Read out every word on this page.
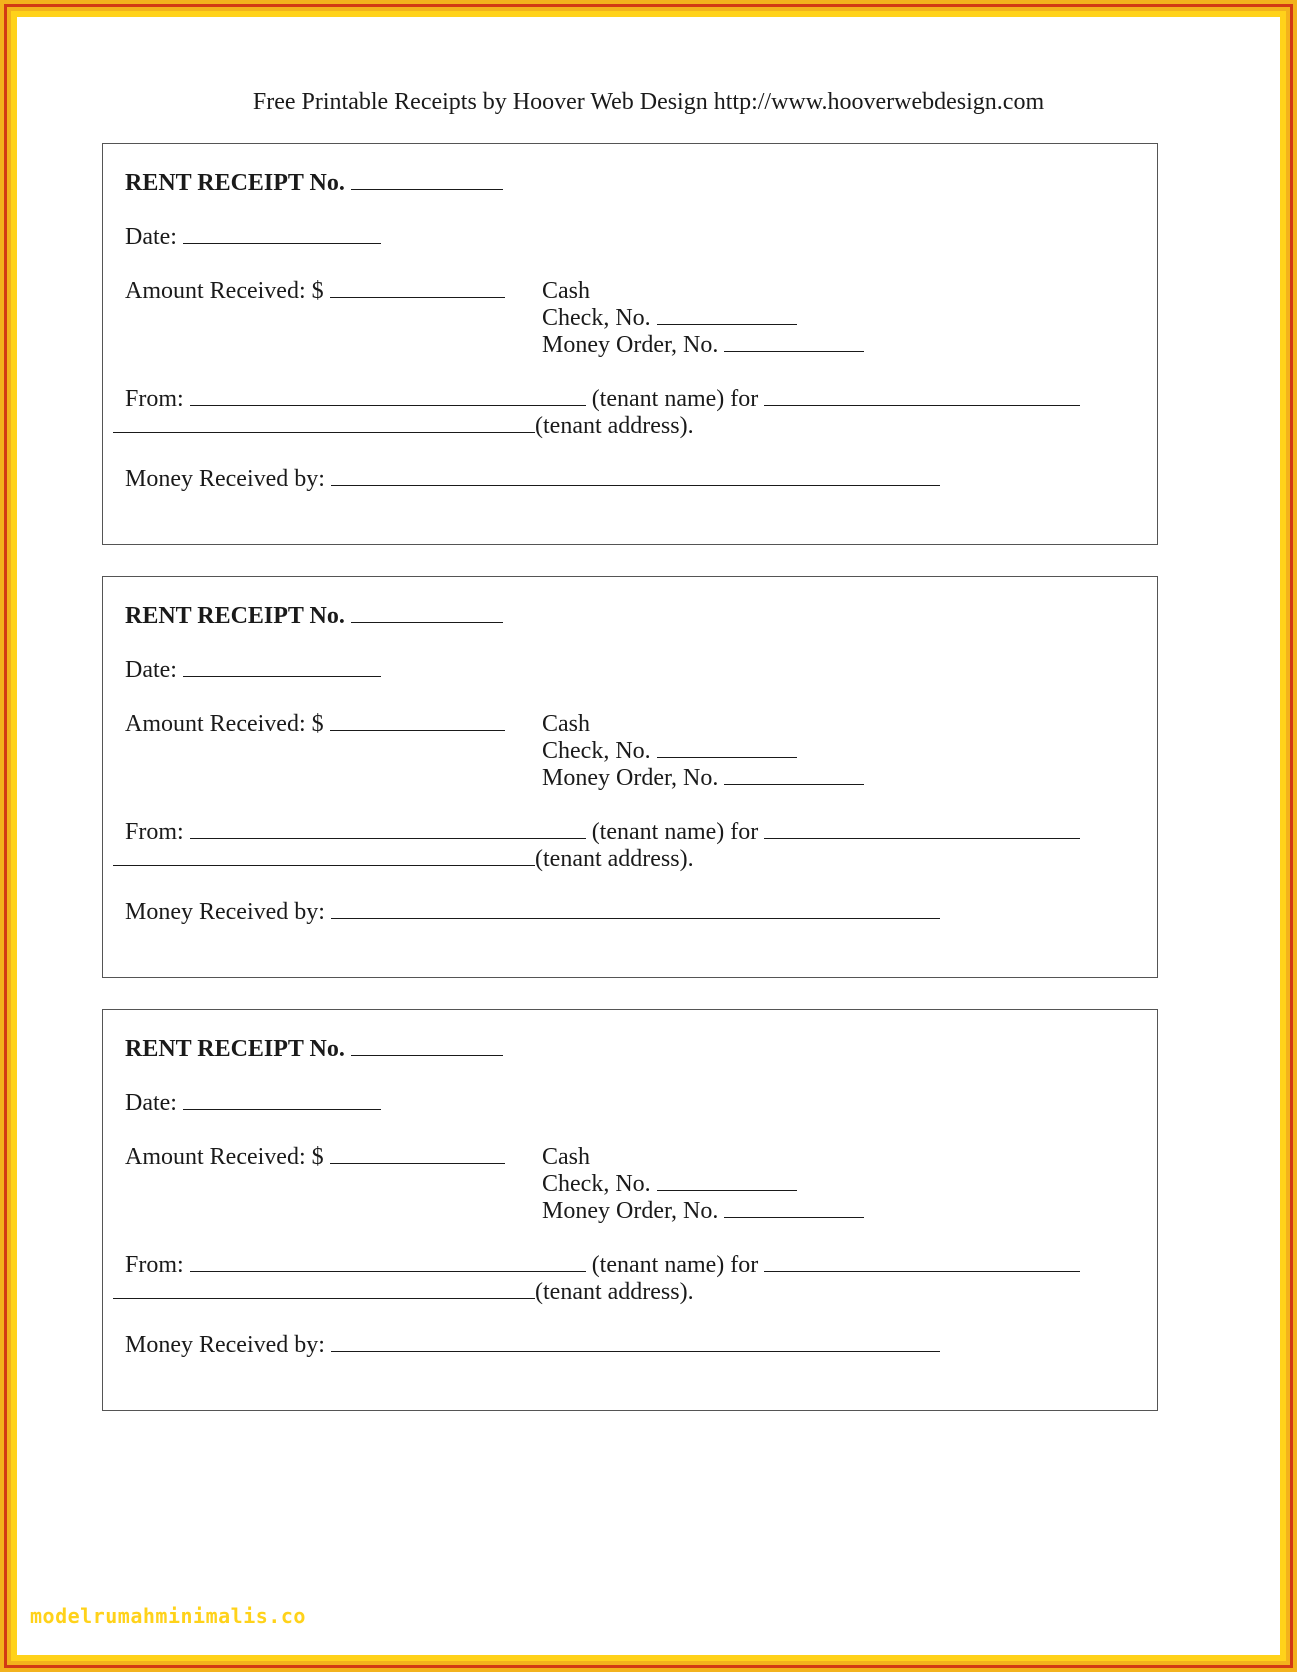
Free Printable Receipts by Hoover Web Design http://www.hooverwebdesign.com
RENT RECEIPT No.
Date:
Amount Received: $	Cash
Check, No.
Money Order, No.
From:	(tenant name) for
(tenant address).
Money Received by:
RENT RECEIPT No.
Date:
Amount Received: $	Cash
Check, No.
Money Order, No.
From:	(tenant name) for
(tenant address).
Money Received by:
RENT RECEIPT No.
Date:
Amount Received: $	Cash
Check, No.
Money Order, No.
From:	(tenant name) for
(tenant address).
Money Received by:
modelrumahminimalis.co
